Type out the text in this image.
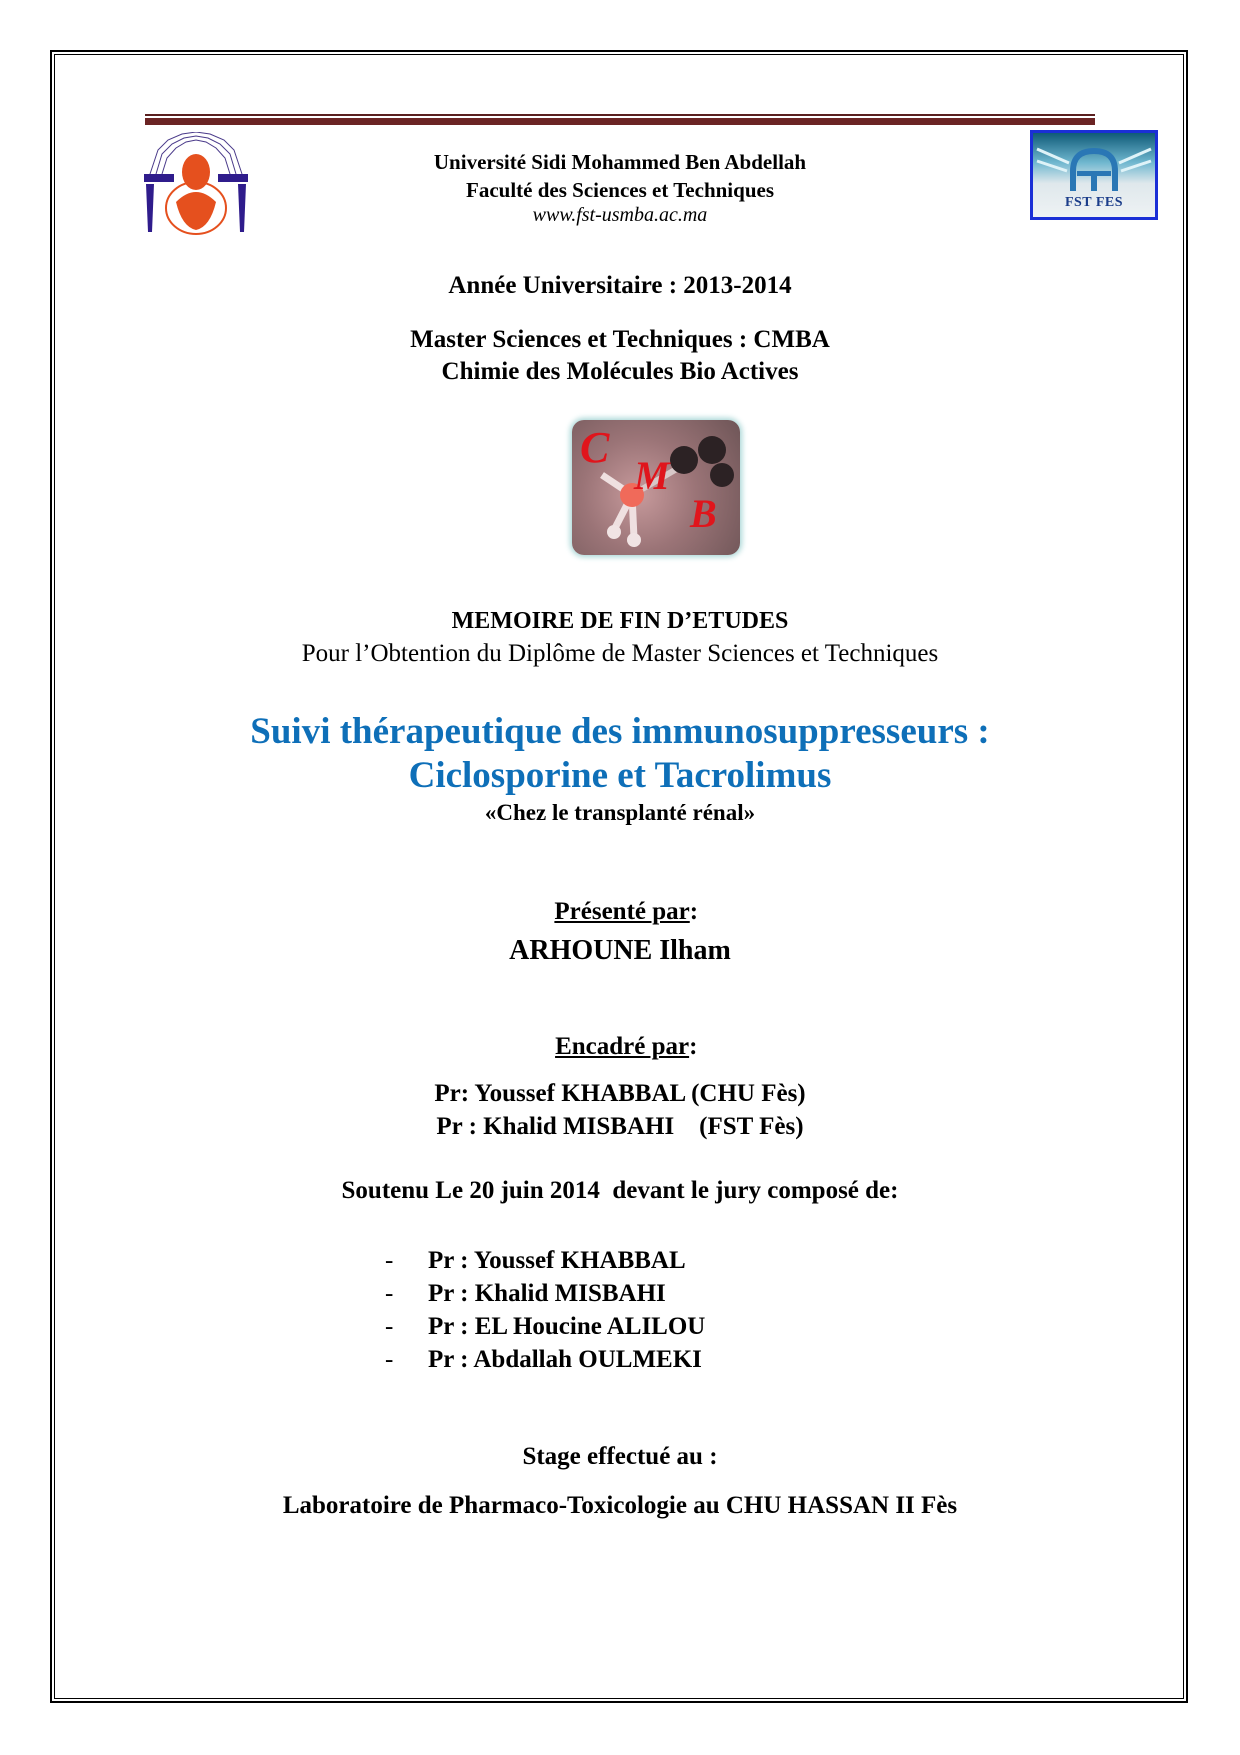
FST FES
Université Sidi Mohammed Ben Abdellah
Faculté des Sciences et Techniques
www.fst-usmba.ac.ma
Année Universitaire : 2013-2014
Master Sciences et Techniques : CMBA
Chimie des Molécules Bio Actives
C
M
B
MEMOIRE DE FIN D’ETUDES
Pour l’Obtention du Diplôme de Master Sciences et Techniques
Suivi thérapeutique des immunosuppresseurs :
Ciclosporine et Tacrolimus
«Chez le transplanté rénal»

Présenté par:

ARHOUNE Ilham

Encadré par:

Pr: Youssef KHABBAL (CHU Fès)
Pr : Khalid MISBAHI    (FST Fès)
Soutenu Le 20 juin 2014  devant le jury composé de:
-	Pr : Youssef KHABBAL
-	Pr : Khalid MISBAHI
-	Pr : EL Houcine ALILOU
-	Pr : Abdallah OULMEKI
Stage effectué au :
Laboratoire de Pharmaco-Toxicologie au CHU HASSAN II Fès
